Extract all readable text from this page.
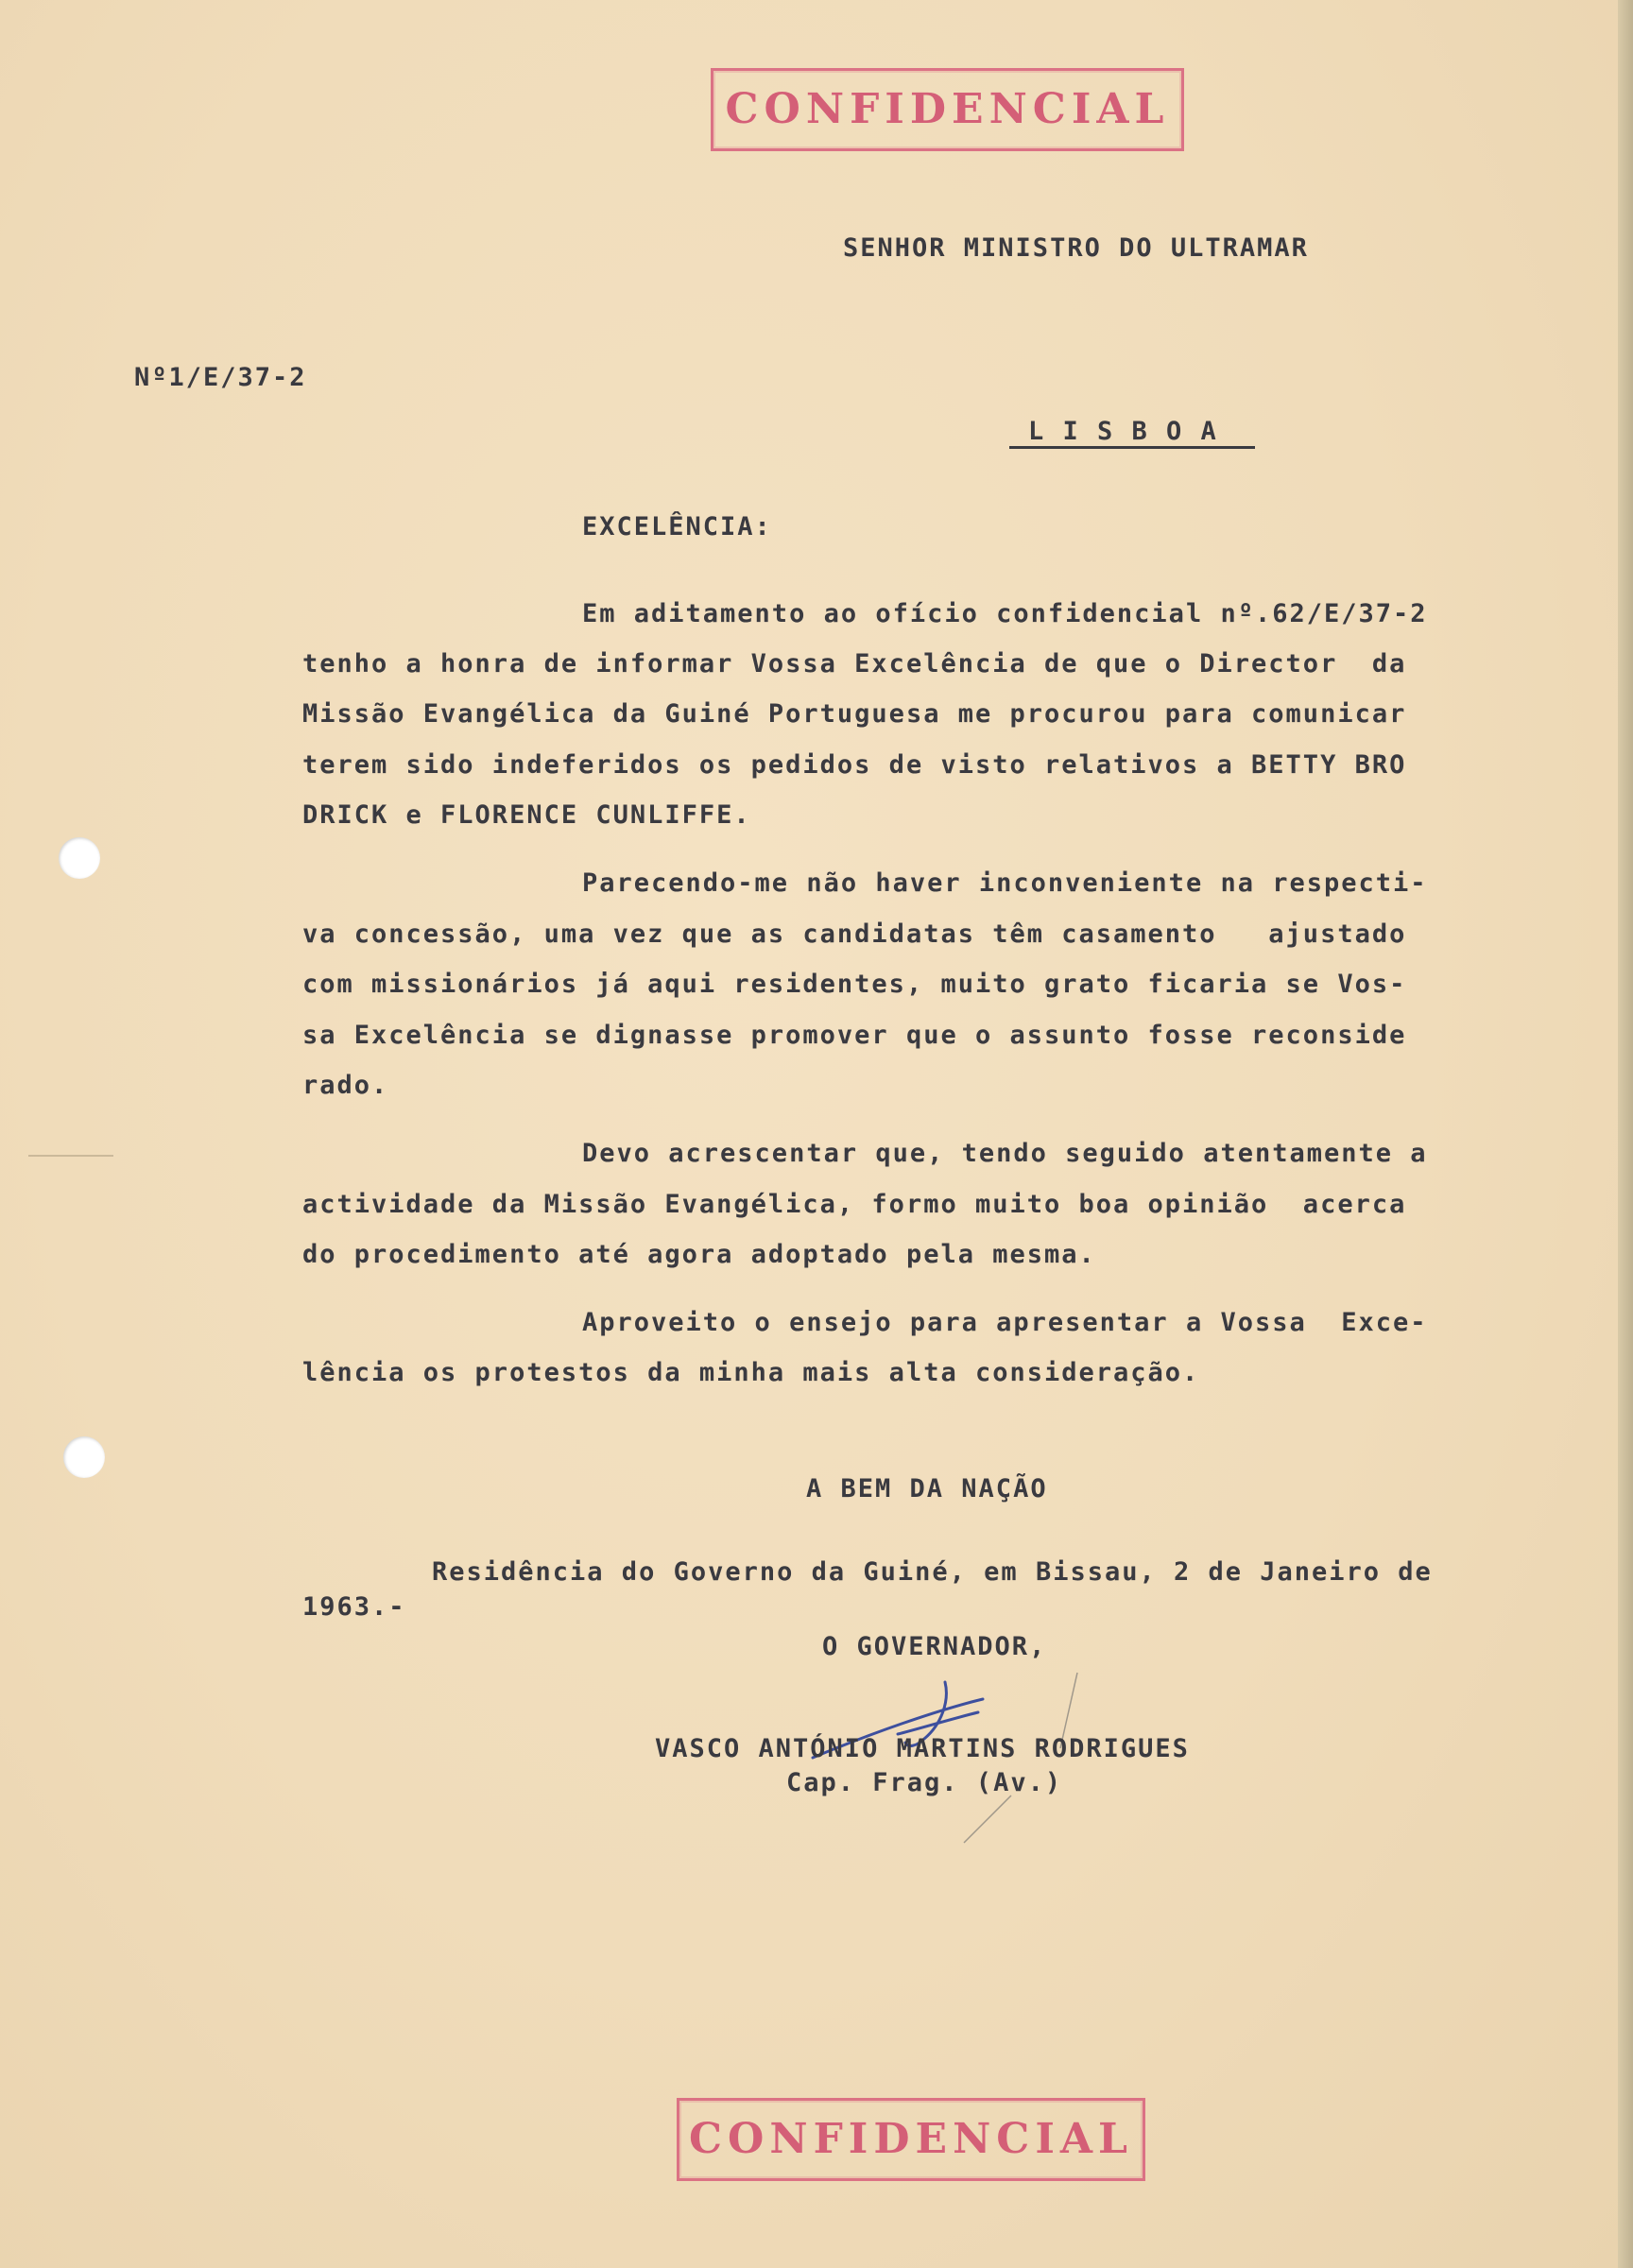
CONFIDENCIAL
SENHOR MINISTRO DO ULTRAMAR
Nº1/E/37-2
L I S B O A
EXCELÊNCIA:
Em aditamento ao ofício confidencial nº.62/E/37-2
tenho a honra de informar Vossa Excelência de que o Director  da
Missão Evangélica da Guiné Portuguesa me procurou para comunicar
terem sido indeferidos os pedidos de visto relativos a BETTY BRO
DRICK e FLORENCE CUNLIFFE.
Parecendo-me não haver inconveniente na respecti-
va concessão, uma vez que as candidatas têm casamento   ajustado
com missionários já aqui residentes, muito grato ficaria se Vos-
sa Excelência se dignasse promover que o assunto fosse reconside
rado.
Devo acrescentar que, tendo seguido atentamente a
actividade da Missão Evangélica, formo muito boa opinião  acerca
do procedimento até agora adoptado pela mesma.
Aproveito o ensejo para apresentar a Vossa  Exce-
lência os protestos da minha mais alta consideração.
A BEM DA NAÇÃO
Residência do Governo da Guiné, em Bissau, 2 de Janeiro de
1963.-
O GOVERNADOR,
VASCO ANTÓNIO MARTINS RODRIGUES
Cap. Frag. (Av.)
CONFIDENCIAL
